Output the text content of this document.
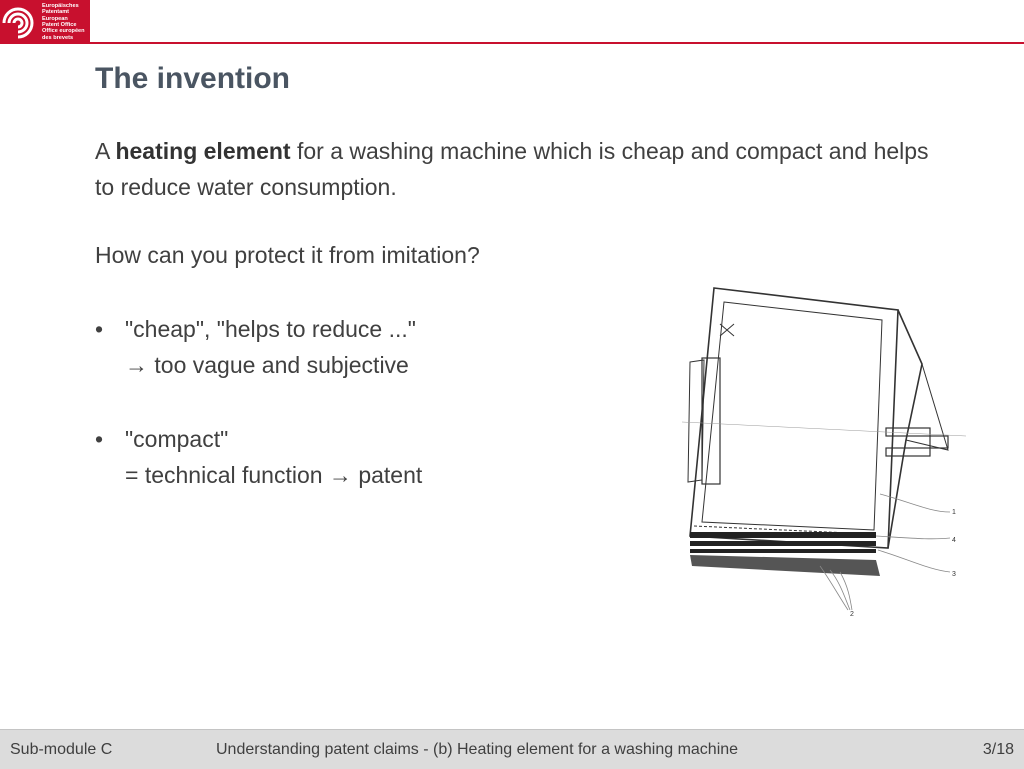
Europäisches
Patentamt
European
Patent Office
Office européen
des brevets
The invention

A heating element for a washing machine which is cheap and compact and helps to reduce water consumption.

How can you protect it from imitation?

• "cheap", "helps to reduce ..."
→ too vague and subjective
• "compact"
= technical function → patent
1
4
3
2
Sub-module C	Understanding patent claims - (b) Heating element for a washing machine	3/18
